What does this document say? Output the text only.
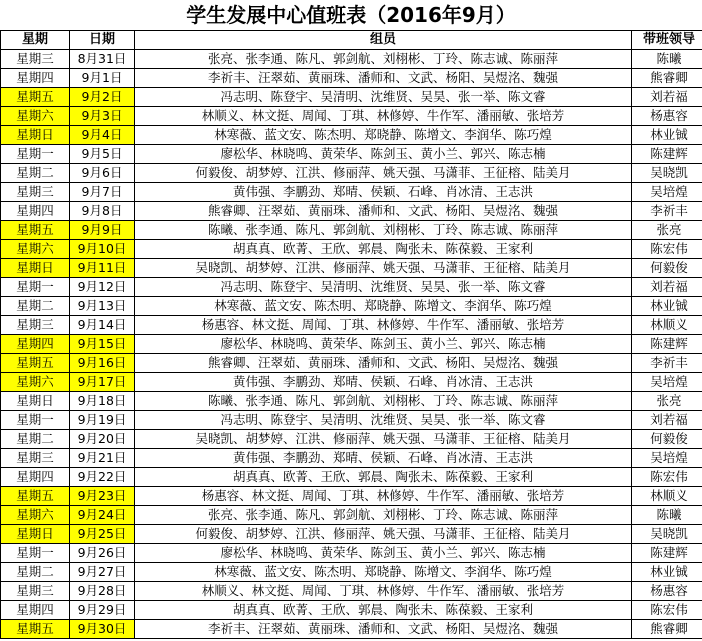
学生发展中心值班表（2016年9月）
星期	日期	组员	带班领导
星期三	8月31日	张亮、张李通、陈凡、郭剑航、刘栩彬、丁玲、陈志诚、陈丽萍	陈曦
星期四	9月1日	李祈丰、汪翠茹、黄丽珠、潘师和、文武、杨阳、吴煜洺、魏强	熊睿卿
星期五	9月2日	冯志明、陈登宇、吴清明、沈维贤、吴昊、张一举、陈文睿	刘若福
星期六	9月3日	林顺义、林文挺、周闻、丁琪、林修婷、牛作军、潘丽敏、张培芳	杨惠容
星期日	9月4日	林寒薇、蓝文安、陈杰明、郑晓静、陈增文、李润华、陈巧煌	林业铖
星期一	9月5日	廖松华、林晓鸣、黄荣华、陈剑玉、黄小兰、郭兴、陈志楠	陈建辉
星期二	9月6日	何毅俊、胡梦婷、江洪、修丽萍、姚天强、马潇菲、王征榕、陆美月	吴晓凯
星期三	9月7日	黄伟强、李鹏劲、郑晴、侯颖、石峰、肖冰清、王志洪	吴培煌
星期四	9月8日	熊睿卿、汪翠茹、黄丽珠、潘师和、文武、杨阳、吴煜洺、魏强	李祈丰
星期五	9月9日	陈曦、张李通、陈凡、郭剑航、刘栩彬、丁玲、陈志诚、陈丽萍	张亮
星期六	9月10日	胡真真、欧菁、王欣、郭晨、陶张未、陈葆毅、王家利	陈宏伟
星期日	9月11日	吴晓凯、胡梦婷、江洪、修丽萍、姚天强、马潇菲、王征榕、陆美月	何毅俊
星期一	9月12日	冯志明、陈登宇、吴清明、沈维贤、吴昊、张一举、陈文睿	刘若福
星期二	9月13日	林寒薇、蓝文安、陈杰明、郑晓静、陈增文、李润华、陈巧煌	林业铖
星期三	9月14日	杨惠容、林文挺、周闻、丁琪、林修婷、牛作军、潘丽敏、张培芳	林顺义
星期四	9月15日	廖松华、林晓鸣、黄荣华、陈剑玉、黄小兰、郭兴、陈志楠	陈建辉
星期五	9月16日	熊睿卿、汪翠茹、黄丽珠、潘师和、文武、杨阳、吴煜洺、魏强	李祈丰
星期六	9月17日	黄伟强、李鹏劲、郑晴、侯颖、石峰、肖冰清、王志洪	吴培煌
星期日	9月18日	陈曦、张李通、陈凡、郭剑航、刘栩彬、丁玲、陈志诚、陈丽萍	张亮
星期一	9月19日	冯志明、陈登宇、吴清明、沈维贤、吴昊、张一举、陈文睿	刘若福
星期二	9月20日	吴晓凯、胡梦婷、江洪、修丽萍、姚天强、马潇菲、王征榕、陆美月	何毅俊
星期三	9月21日	黄伟强、李鹏劲、郑晴、侯颖、石峰、肖冰清、王志洪	吴培煌
星期四	9月22日	胡真真、欧菁、王欣、郭晨、陶张未、陈葆毅、王家利	陈宏伟
星期五	9月23日	杨惠容、林文挺、周闻、丁琪、林修婷、牛作军、潘丽敏、张培芳	林顺义
星期六	9月24日	张亮、张李通、陈凡、郭剑航、刘栩彬、丁玲、陈志诚、陈丽萍	陈曦
星期日	9月25日	何毅俊、胡梦婷、江洪、修丽萍、姚天强、马潇菲、王征榕、陆美月	吴晓凯
星期一	9月26日	廖松华、林晓鸣、黄荣华、陈剑玉、黄小兰、郭兴、陈志楠	陈建辉
星期二	9月27日	林寒薇、蓝文安、陈杰明、郑晓静、陈增文、李润华、陈巧煌	林业铖
星期三	9月28日	林顺义、林文挺、周闻、丁琪、林修婷、牛作军、潘丽敏、张培芳	杨惠容
星期四	9月29日	胡真真、欧菁、王欣、郭晨、陶张未、陈葆毅、王家利	陈宏伟
星期五	9月30日	李祈丰、汪翠茹、黄丽珠、潘师和、文武、杨阳、吴煜洺、魏强	熊睿卿
